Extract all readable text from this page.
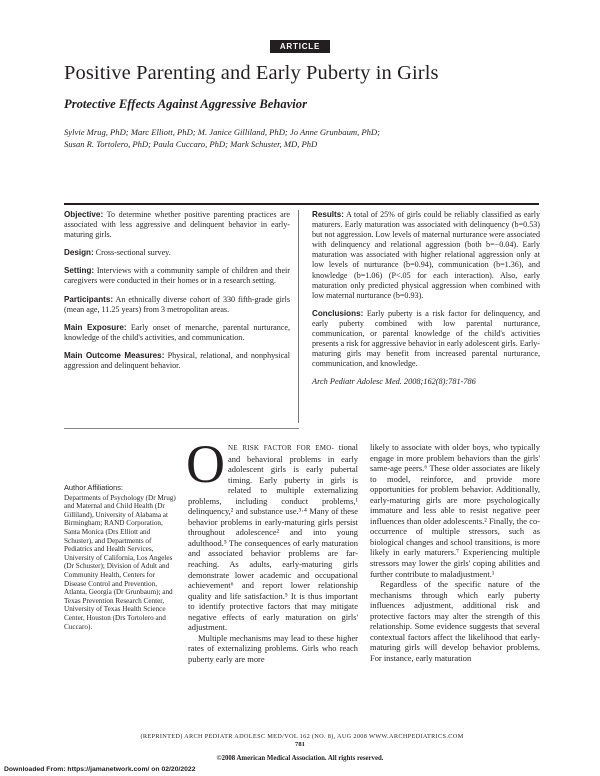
ARTICLE
Positive Parenting and Early Puberty in Girls
Protective Effects Against Aggressive Behavior
Sylvie Mrug, PhD; Marc Elliott, PhD; M. Janice Gilliland, PhD; Jo Anne Grunbaum, PhD;
Susan R. Tortolero, PhD; Paula Cuccaro, PhD; Mark Schuster, MD, PhD

Objective: To determine whether positive parenting practices are associated with less aggressive and delinquent behavior in early-maturing girls.

Design: Cross-sectional survey.

Setting: Interviews with a community sample of children and their caregivers were conducted in their homes or in a research setting.

Participants: An ethnically diverse cohort of 330 fifth-grade girls (mean age, 11.25 years) from 3 metropolitan areas.

Main Exposure: Early onset of menarche, parental nurturance, knowledge of the child's activities, and communication.

Main Outcome Measures: Physical, relational, and nonphysical aggression and delinquent behavior.

Results: A total of 25% of girls could be reliably classified as early maturers. Early maturation was associated with delinquency (b=0.53) but not aggression. Low levels of maternal nurturance were associated with delinquency and relational aggression (both b=−0.04). Early maturation was associated with higher relational aggression only at low levels of nurturance (b=0.94), communication (b=1.36), and knowledge (b=1.06) (P<.05 for each interaction). Also, early maturation only predicted physical aggression when combined with low maternal nurturance (b=0.93).

Conclusions: Early puberty is a risk factor for delinquency, and early puberty combined with low parental nurturance, communication, or parental knowledge of the child's activities presents a risk for aggressive behavior in early adolescent girls. Early-maturing girls may benefit from increased parental nurturance, communication, and knowledge.

Arch Pediatr Adolesc Med. 2008;162(8):781-786

Author Affiliations:
Departments of Psychology (Dr Mrug) and Maternal and Child Health (Dr Gilliland), University of Alabama at Birmingham; RAND Corporation, Santa Monica (Drs Elliott and Schuster), and Departments of Pediatrics and Health Services, University of California, Los Angeles (Dr Schuster); Division of Adult and Community Health, Centers for Disease Control and Prevention, Atlanta, Georgia (Dr Grunbaum); and Texas Prevention Research Center, University of Texas Health Science Center, Houston (Drs Tortolero and Cuccaro).

ONE RISK FACTOR FOR EMO- tional and behavioral problems in early adolescent girls is early pubertal timing. Early puberty in girls is related to multiple externalizing problems, including conduct problems,¹ delinquency,² and substance use.³·⁴ Many of these behavior problems in early-maturing girls persist throughout adolescence² and into young adulthood.⁵ The consequences of early maturation and associated behavior problems are far-reaching. As adults, early-maturing girls demonstrate lower academic and occupational achievement⁶ and report lower relationship quality and life satisfaction.⁵ It is thus important to identify protective factors that may mitigate negative effects of early maturation on girls' adjustment.

Multiple mechanisms may lead to these higher rates of externalizing problems. Girls who reach puberty early are more

likely to associate with older boys, who typically engage in more problem behaviors than the girls' same-age peers.⁶ These older associates are likely to model, reinforce, and provide more opportunities for problem behavior. Additionally, early-maturing girls are more psychologically immature and less able to resist negative peer influences than older adolescents.² Finally, the co-occurrence of multiple stressors, such as biological changes and school transitions, is more likely in early maturers.⁷ Experiencing multiple stressors may lower the girls' coping abilities and further contribute to maladjustment.¹

Regardless of the specific nature of the mechanisms through which early puberty influences adjustment, additional risk and protective factors may alter the strength of this relationship. Some evidence suggests that several contextual factors affect the likelihood that early-maturing girls will develop behavior problems. For instance, early maturation

(REPRINTED) ARCH PEDIATR ADOLESC MED/VOL 162 (NO. 8), AUG 2008 WWW.ARCHPEDIATRICS.COM
781
©2008 American Medical Association. All rights reserved.
Downloaded From: https://jamanetwork.com/ on 02/20/2022
